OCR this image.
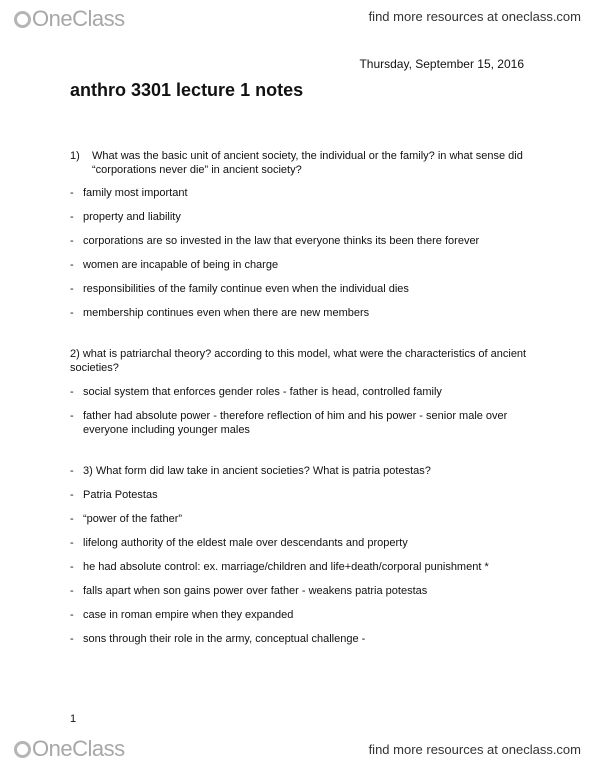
OneClass	find more resources at oneclass.com
Thursday, September 15, 2016
anthro 3301 lecture 1 notes
1)	What was the basic unit of ancient society, the individual or the family? in what sense did “corporations never die” in ancient society?
- family most important
- property and liability
- corporations are so invested in the law that everyone thinks its been there forever
- women are incapable of being in charge
- responsibilities of the family continue even when the individual dies
- membership continues even when there are new members
2) what is patriarchal theory? according to this model, what were the characteristics of ancient societies?
- social system that enforces gender roles - father is head, controlled family
- father had absolute power - therefore reflection of him and his power - senior male over everyone including younger males
- 3) What form did law take in ancient societies? What is patria potestas?
- Patria Potestas
- “power of the father”
- lifelong authority of the eldest male over descendants and property
- he had absolute control: ex. marriage/children and life+death/corporal punishment *
- falls apart when son gains power over father - weakens patria potestas
- case in roman empire when they expanded
- sons through their role in the army, conceptual challenge -
1
OneClass	find more resources at oneclass.com
